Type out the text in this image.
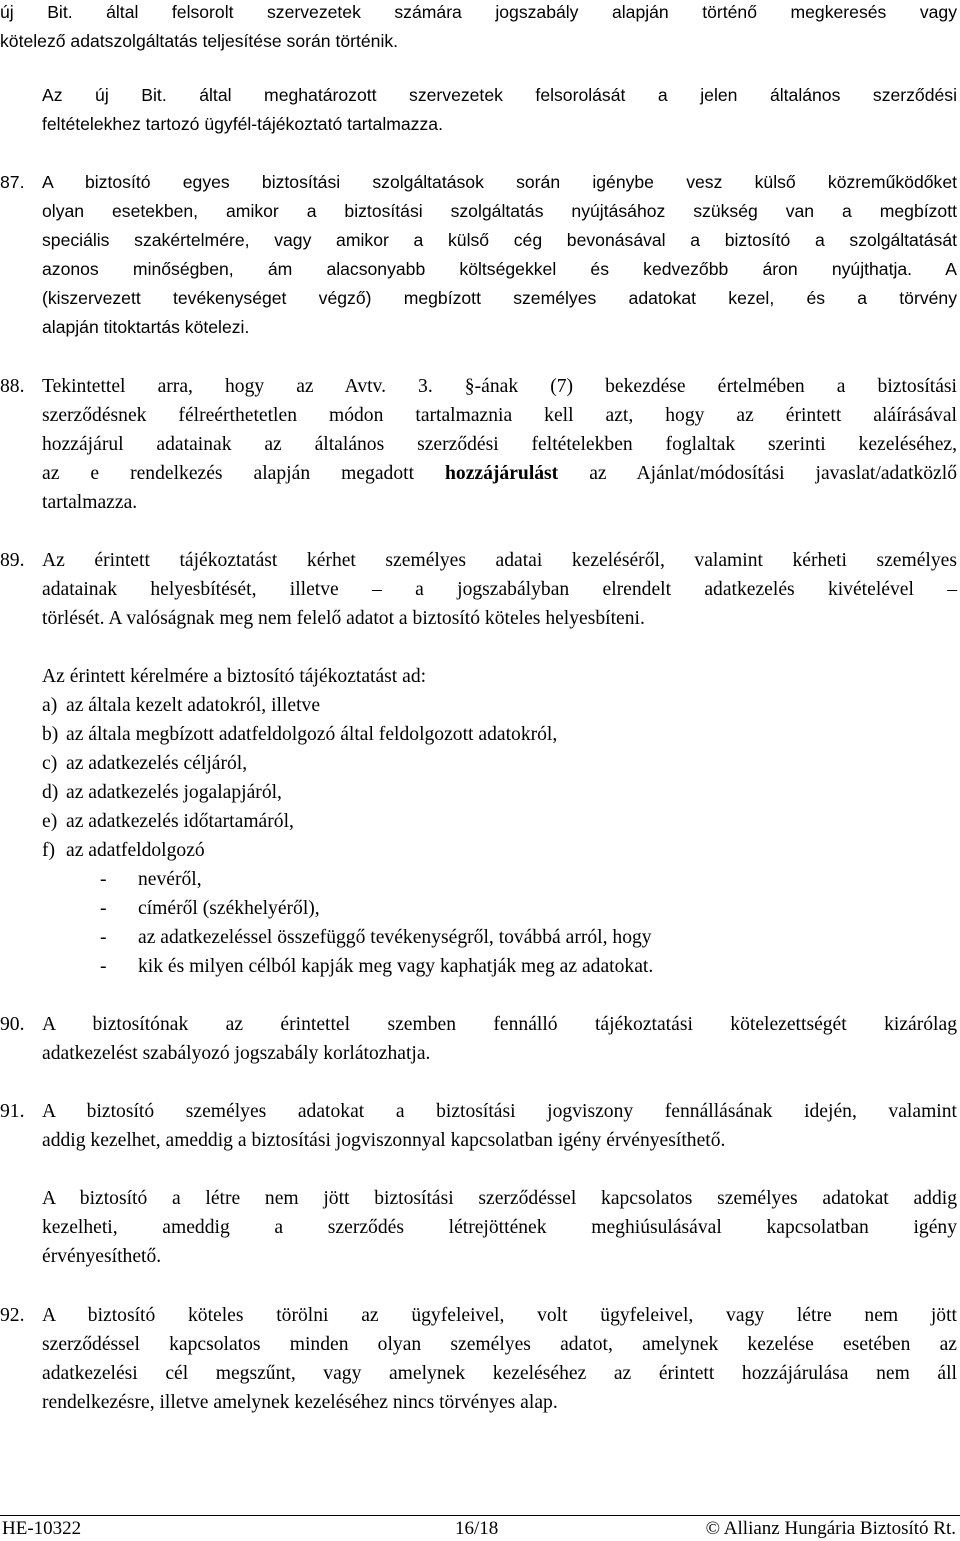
új Bit. által felsorolt szervezetek számára jogszabály alapján történő megkeresés vagy
kötelező adatszolgáltatás teljesítése során történik.
Az új Bit. által meghatározott szervezetek felsorolását a jelen általános szerződési
feltételekhez tartozó ügyfél-tájékoztató tartalmazza.
87. A biztosító egyes biztosítási szolgáltatások során igénybe vesz külső közreműködőket
olyan esetekben, amikor a biztosítási szolgáltatás nyújtásához szükség van a megbízott
speciális szakértelmére, vagy amikor a külső cég bevonásával a biztosító a szolgáltatását
azonos minőségben, ám alacsonyabb költségekkel és kedvezőbb áron nyújthatja. A
(kiszervezett tevékenységet végző) megbízott személyes adatokat kezel, és a törvény
alapján titoktartás kötelezi.
88. Tekintettel arra, hogy az Avtv. 3. §-ának (7) bekezdése értelmében a biztosítási
szerződésnek félreérthetetlen módon tartalmaznia kell azt, hogy az érintett aláírásával
hozzájárul adatainak az általános szerződési feltételekben foglaltak szerinti kezeléséhez,
az e rendelkezés alapján megadott hozzájárulást az Ajánlat/módosítási javaslat/adatközlő
tartalmazza.
89. Az érintett tájékoztatást kérhet személyes adatai kezeléséről, valamint kérheti személyes
adatainak helyesbítését, illetve – a jogszabályban elrendelt adatkezelés kivételével –
törlését. A valóságnak meg nem felelő adatot a biztosító köteles helyesbíteni.
Az érintett kérelmére a biztosító tájékoztatást ad:
a) az általa kezelt adatokról, illetve
b) az általa megbízott adatfeldolgozó által feldolgozott adatokról,
c) az adatkezelés céljáról,
d) az adatkezelés jogalapjáról,
e) az adatkezelés időtartamáról,
f) az adatfeldolgozó
- nevéről,
- címéről (székhelyéről),
- az adatkezeléssel összefüggő tevékenységről, továbbá arról, hogy
- kik és milyen célból kapják meg vagy kaphatják meg az adatokat.
90. A biztosítónak az érintettel szemben fennálló tájékoztatási kötelezettségét kizárólag
adatkezelést szabályozó jogszabály korlátozhatja.
91. A biztosító személyes adatokat a biztosítási jogviszony fennállásának idején, valamint
addig kezelhet, ameddig a biztosítási jogviszonnyal kapcsolatban igény érvényesíthető.
A biztosító a létre nem jött biztosítási szerződéssel kapcsolatos személyes adatokat addig
kezelheti, ameddig a szerződés létrejöttének meghiúsulásával kapcsolatban igény
érvényesíthető.
92. A biztosító köteles törölni az ügyfeleivel, volt ügyfeleivel, vagy létre nem jött
szerződéssel kapcsolatos minden olyan személyes adatot, amelynek kezelése esetében az
adatkezelési cél megszűnt, vagy amelynek kezeléséhez az érintett hozzájárulása nem áll
rendelkezésre, illetve amelynek kezeléséhez nincs törvényes alap.
HE-10322	16/18	© Allianz Hungária Biztosító Rt.
